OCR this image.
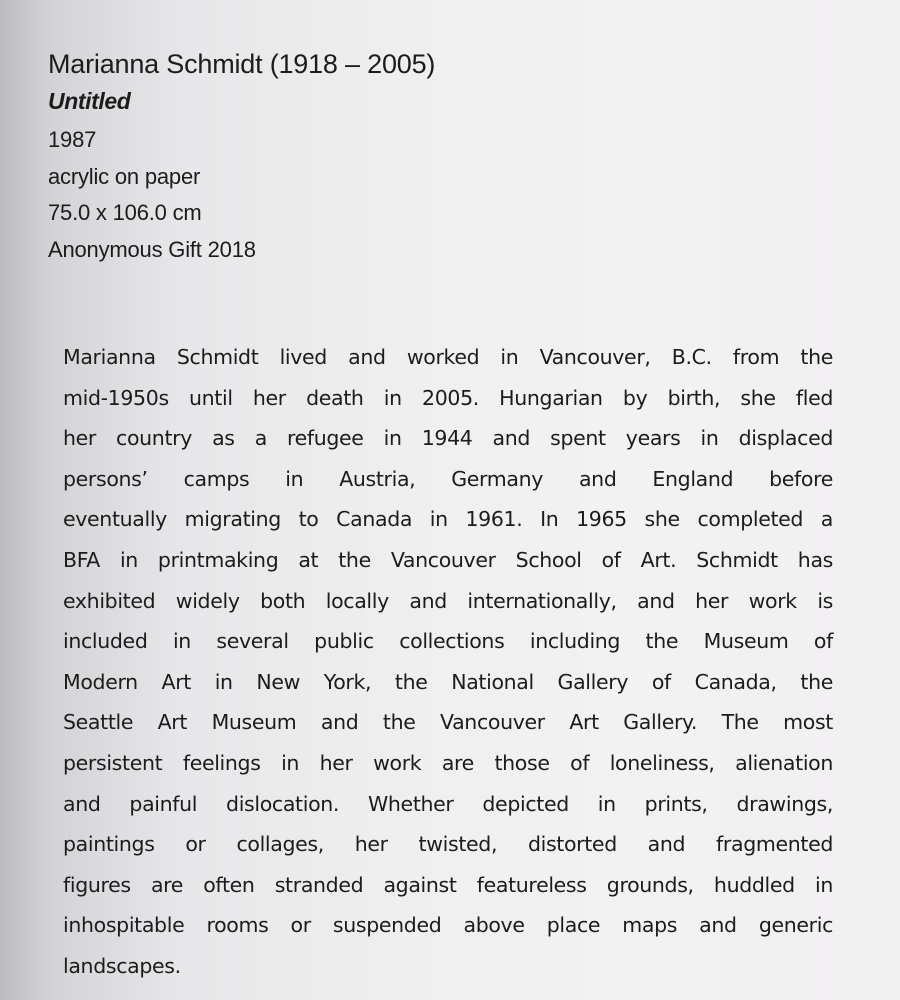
Marianna Schmidt (1918 – 2005)
Untitled
1987
acrylic on paper
75.0 x 106.0 cm
Anonymous Gift 2018
Marianna Schmidt lived and worked in Vancouver, B.C. from the
mid-1950s until her death in 2005. Hungarian by birth, she fled
her country as a refugee in 1944 and spent years in displaced
persons’ camps in Austria, Germany and England before
eventually migrating to Canada in 1961. In 1965 she completed a
BFA in printmaking at the Vancouver School of Art. Schmidt has
exhibited widely both locally and internationally, and her work is
included in several public collections including the Museum of
Modern Art in New York, the National Gallery of Canada, the
Seattle Art Museum and the Vancouver Art Gallery. The most
persistent feelings in her work are those of loneliness, alienation
and painful dislocation. Whether depicted in prints, drawings,
paintings or collages, her twisted, distorted and fragmented
figures are often stranded against featureless grounds, huddled in
inhospitable rooms or suspended above place maps and generic
landscapes.
